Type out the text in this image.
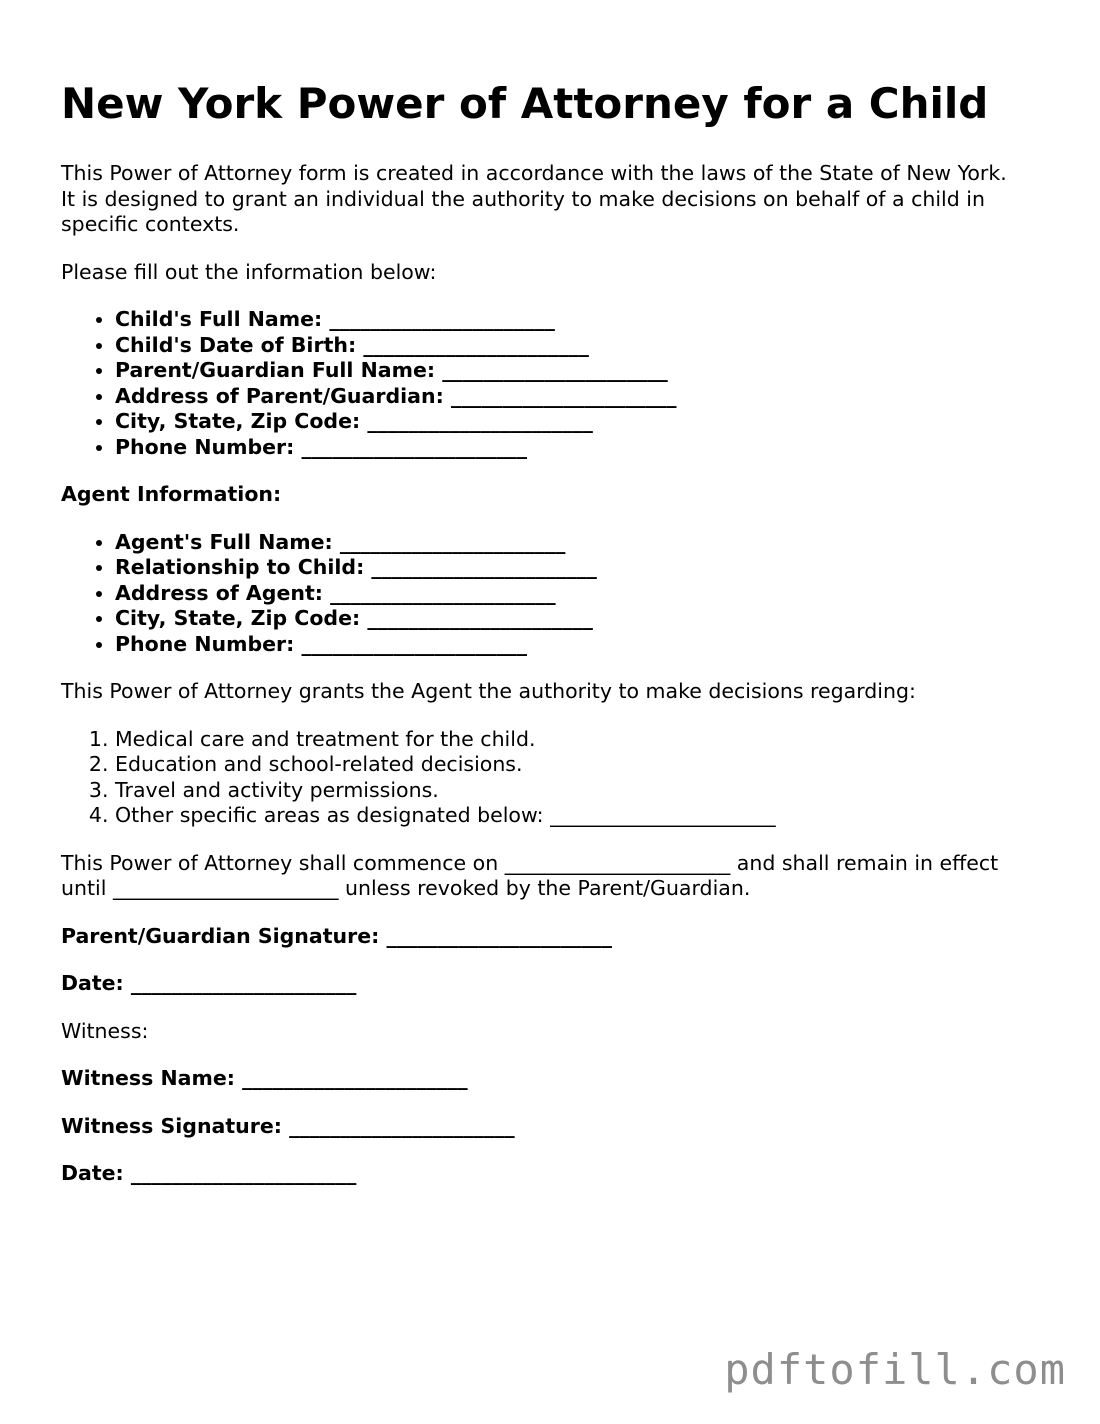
New York Power of Attorney for a Child

This Power of Attorney form is created in accordance with the laws of the State of New York. It is designed to grant an individual the authority to make decisions on behalf of a child in specific contexts.

Please fill out the information below:

• Child's Full Name: ______________________
• Child's Date of Birth: ______________________
• Parent/Guardian Full Name: ______________________
• Address of Parent/Guardian: ______________________
• City, State, Zip Code: ______________________
• Phone Number: ______________________

Agent Information:

• Agent's Full Name: ______________________
• Relationship to Child: ______________________
• Address of Agent: ______________________
• City, State, Zip Code: ______________________
• Phone Number: ______________________

This Power of Attorney grants the Agent the authority to make decisions regarding:

1. Medical care and treatment for the child.
2. Education and school-related decisions.
3. Travel and activity permissions.
4. Other specific areas as designated below: ______________________

This Power of Attorney shall commence on ______________________ and shall remain in effect until ______________________ unless revoked by the Parent/Guardian.

Parent/Guardian Signature: ______________________

Date: ______________________

Witness:

Witness Name: ______________________

Witness Signature: ______________________

Date: ______________________

pdftofill.com
